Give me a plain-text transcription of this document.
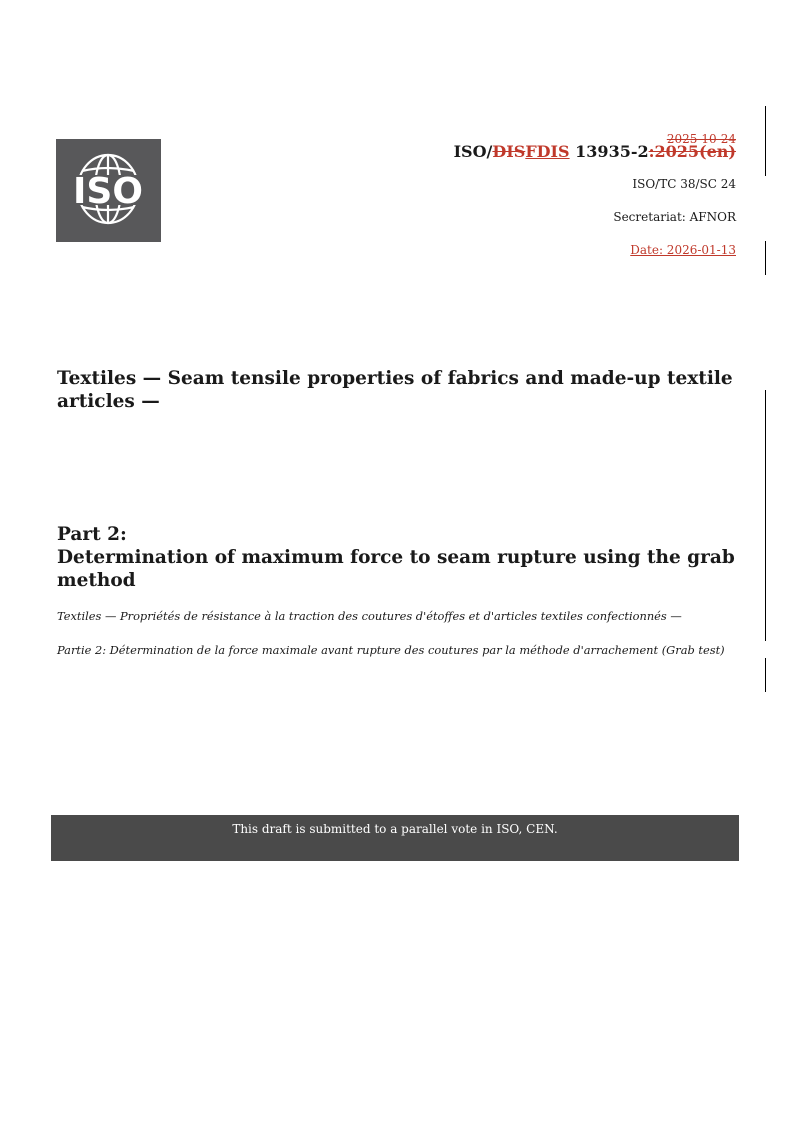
ISO
2025-10-24
ISO/DISFDIS 13935-2:2025(en)
ISO/TC 38/SC 24
Secretariat: AFNOR
Date: 2026-01-13
Textiles — Seam tensile properties of fabrics and made-up textile articles —
Part 2:
Determination of maximum force to seam rupture using the grab method

Textiles — Propriétés de résistance à la traction des coutures d'étoffes et d'articles textiles confectionnés —

Partie 2: Détermination de la force maximale avant rupture des coutures par la méthode d'arrachement (Grab test)

This draft is submitted to a parallel vote in ISO, CEN.
